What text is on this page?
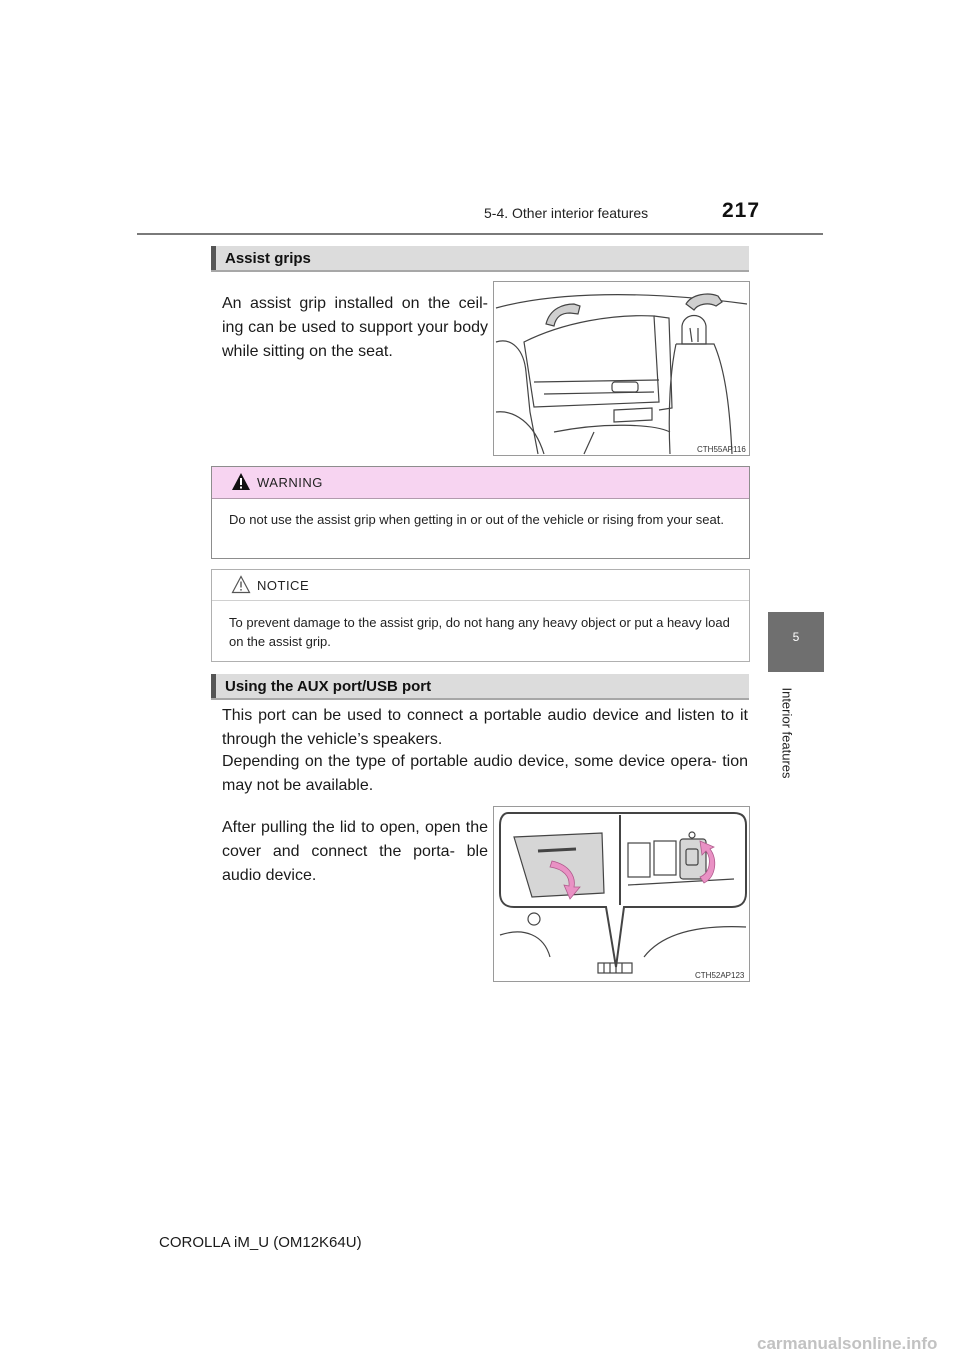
5-4. Other interior features	217
5
Interior features
Assist grips
An assist grip installed on the ceil- ing can be used to support your body while sitting on the seat.
CTH55AP116
WARNING
Do not use the assist grip when getting in or out of the vehicle or rising from your seat.
NOTICE
To prevent damage to the assist grip, do not hang any heavy object or put a heavy load on the assist grip.
Using the AUX port/USB port
This port can be used to connect a portable audio device and listen to it through the vehicle’s speakers.
Depending on the type of portable audio device, some device opera- tion may not be available.
After pulling the lid to open, open the cover and connect the porta- ble audio device.
CTH52AP123
COROLLA iM_U (OM12K64U)
carmanualsonline.info
